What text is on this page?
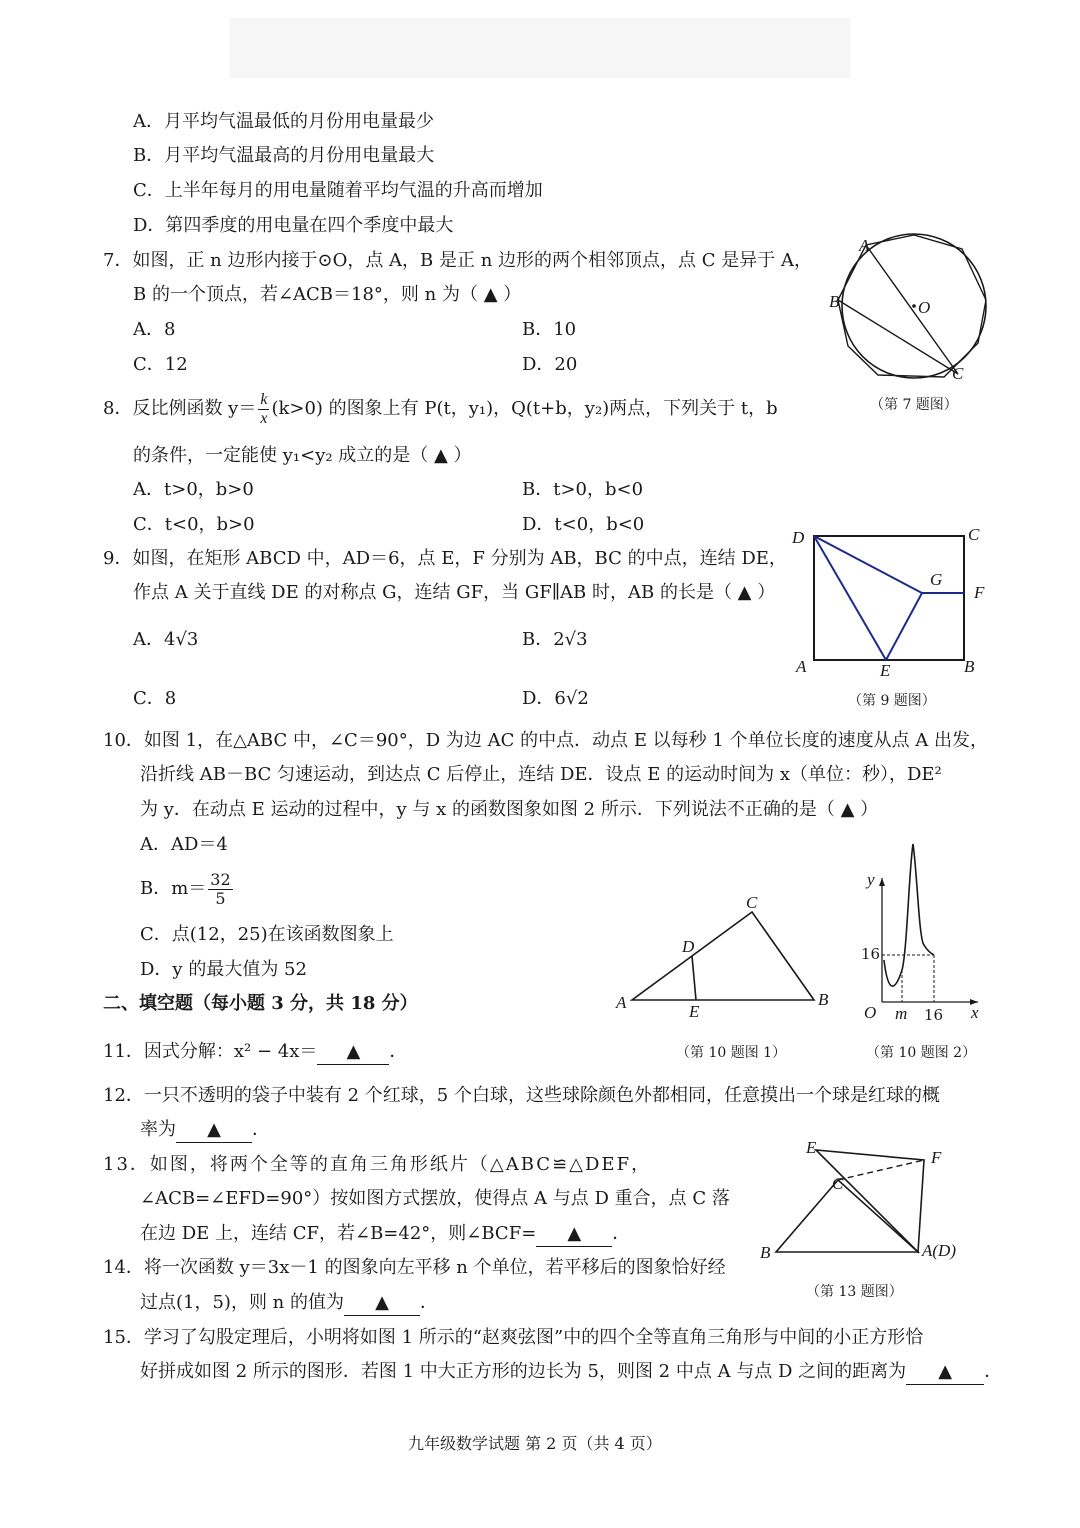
A．月平均气温最低的月份用电量最少
B．月平均气温最高的月份用电量最大
C．上半年每月的用电量随着平均气温的升高而增加
D．第四季度的用电量在四个季度中最大
7．如图，正 n 边形内接于⊙O，点 A，B 是正 n 边形的两个相邻顶点，点 C 是异于 A，
B 的一个顶点，若∠ACB＝18°，则 n 为（ ▲ ）
A．8	B．10
C．12	D．20
A
B
C
O
（第 7 题图）
8．反比例函数 $y= \frac{k}{x} (k>0)$ 的图象上有 P(t，y₁)，Q(t+b，y₂)两点，下列关于 t，b
的条件，一定能使 y₁<y₂ 成立的是（ ▲ ）
A．t>0，b>0	B．t>0，b<0
C．t<0，b>0	D．t<0，b<0
9．如图，在矩形 ABCD 中，AD＝6，点 E，F 分别为 AB，BC 的中点，连结 DE，
作点 A 关于直线 DE 的对称点 G，连结 GF，当 GF∥AB 时，AB 的长是（ ▲ ）
A．4√3	B．2√3
C．8	D．6√2
D	C
G
F
A	E	B
（第 9 题图）
10．如图 1，在△ABC 中，∠C＝90°，D 为边 AC 的中点．动点 E 以每秒 1 个单位长度的速度从点 A 出发，
沿折线 AB－BC 匀速运动，到达点 C 后停止，连结 DE．设点 E 的运动时间为 x（单位：秒），DE²
为 y．在动点 E 运动的过程中，y 与 x 的函数图象如图 2 所示．下列说法不正确的是（ ▲ ）
A．AD＝4
B．$m= \frac{32}{5}$
C．点(12，25)在该函数图象上
D．y 的最大值为 52
A	B
C
D
E
（第 10 题图 1）
y
x
O m
16
16
（第 10 题图 2）
二、填空题（每小题 3 分，共 18 分）
11．因式分解：x² − 4x＝ ▲ ．
12．一只不透明的袋子中装有 2 个红球，5 个白球，这些球除颜色外都相同，任意摸出一个球是红球的概
率为 ▲ ．
13．如图，将两个全等的直角三角形纸片（△ABC≌△DEF，
∠ACB=∠EFD=90°）按如图方式摆放，使得点 A 与点 D 重合，点 C 落
在边 DE 上，连结 CF，若∠B=42°，则∠BCF= ▲ ．
E
F
C
B	A(D)
（第 13 题图）
14．将一次函数 y＝3x－1 的图象向左平移 n 个单位，若平移后的图象恰好经
过点(1，5)，则 n 的值为 ▲ ．
15．学习了勾股定理后，小明将如图 1 所示的“赵爽弦图”中的四个全等直角三角形与中间的小正方形恰
好拼成如图 2 所示的图形．若图 1 中大正方形的边长为 5，则图 2 中点 A 与点 D 之间的距离为 ▲ ．
九年级数学试题 第 2 页（共 4 页）
